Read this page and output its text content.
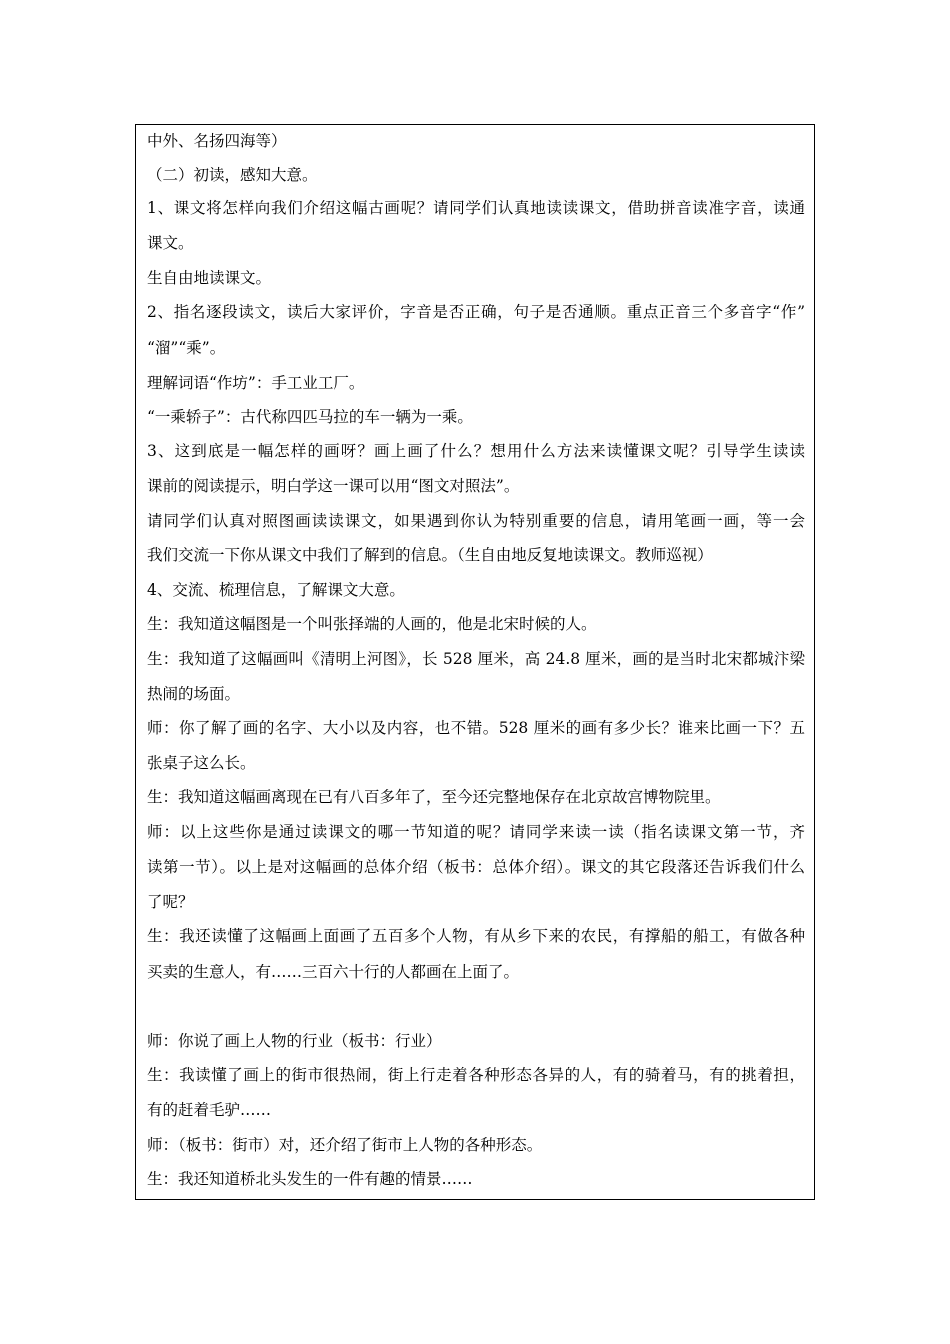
中外、名扬四海等）
（二）初读，感知大意。
1、课文将怎样向我们介绍这幅古画呢？请同学们认真地读读课文，借助拼音读准字音，读通
课文。
生自由地读课文。
2、指名逐段读文，读后大家评价，字音是否正确，句子是否通顺。重点正音三个多音字“作”
“溜”“乘”。
理解词语“作坊”：手工业工厂。
“一乘轿子”：古代称四匹马拉的车一辆为一乘。
3、这到底是一幅怎样的画呀？画上画了什么？想用什么方法来读懂课文呢？引导学生读读
课前的阅读提示，明白学这一课可以用“图文对照法”。
请同学们认真对照图画读读课文，如果遇到你认为特别重要的信息，请用笔画一画，等一会
我们交流一下你从课文中我们了解到的信息。（生自由地反复地读课文。教师巡视）
4、交流、梳理信息，了解课文大意。
生：我知道这幅图是一个叫张择端的人画的，他是北宋时候的人。
生：我知道了这幅画叫《清明上河图》，长 528 厘米，高 24.8 厘米，画的是当时北宋都城汴梁
热闹的场面。
师：你了解了画的名字、大小以及内容，也不错。528 厘米的画有多少长？谁来比画一下？五
张桌子这么长。
生：我知道这幅画离现在已有八百多年了，至今还完整地保存在北京故宫博物院里。
师：以上这些你是通过读课文的哪一节知道的呢？请同学来读一读（指名读课文第一节，齐
读第一节）。以上是对这幅画的总体介绍（板书：总体介绍）。课文的其它段落还告诉我们什么
了呢？
生：我还读懂了这幅画上面画了五百多个人物，有从乡下来的农民，有撑船的船工，有做各种
买卖的生意人，有……三百六十行的人都画在上面了。
师：你说了画上人物的行业（板书：行业）
生：我读懂了画上的街市很热闹，街上行走着各种形态各异的人，有的骑着马，有的挑着担，
有的赶着毛驴……
师：（板书：街市）对，还介绍了街市上人物的各种形态。
生：我还知道桥北头发生的一件有趣的情景……
